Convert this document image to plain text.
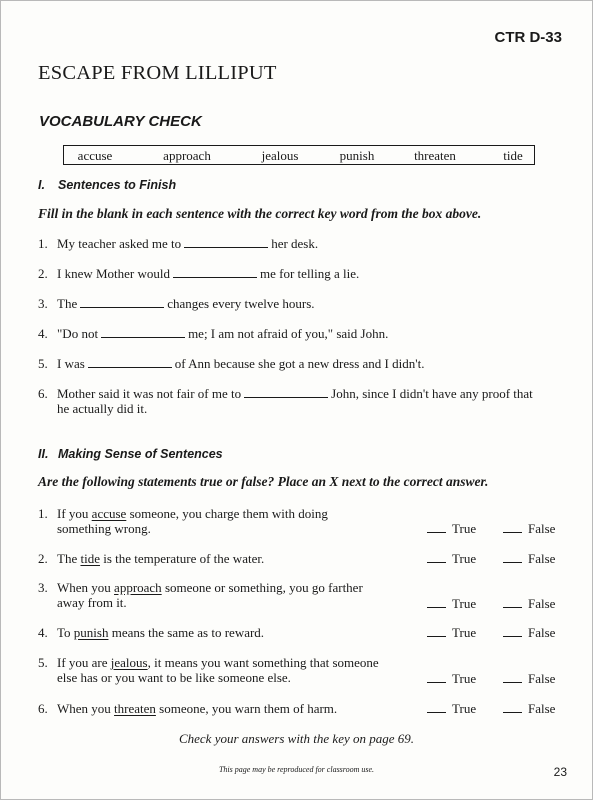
CTR D-33
ESCAPE FROM LILLIPUT
VOCABULARY CHECK
accuse	approach	jealous	punish	threaten	tide
I. Sentences to Finish
Fill in the blank in each sentence with the correct key word from the box above.
1. My teacher asked me to	her desk.
2. I knew Mother would	me for telling a lie.
3. The	changes every twelve hours.
4. "Do not	me; I am not afraid of you," said John.
5. I was	of Ann because she got a new dress and I didn't.
6. Mother said it was not fair of me to	John, since I didn't have any proof that
he actually did it.
II. Making Sense of Sentences
Are the following statements true or false? Place an X next to the correct answer.
1. If you accuse someone, you charge them with doing
something wrong.	True	False
2. The tide is the temperature of the water.	True	False
3. When you approach someone or something, you go farther
away from it.	True	False
4. To punish means the same as to reward.	True	False
5. If you are jealous, it means you want something that someone
else has or you want to be like someone else.	True	False
6. When you threaten someone, you warn them of harm.	True	False
Check your answers with the key on page 69.
This page may be reproduced for classroom use.	23
